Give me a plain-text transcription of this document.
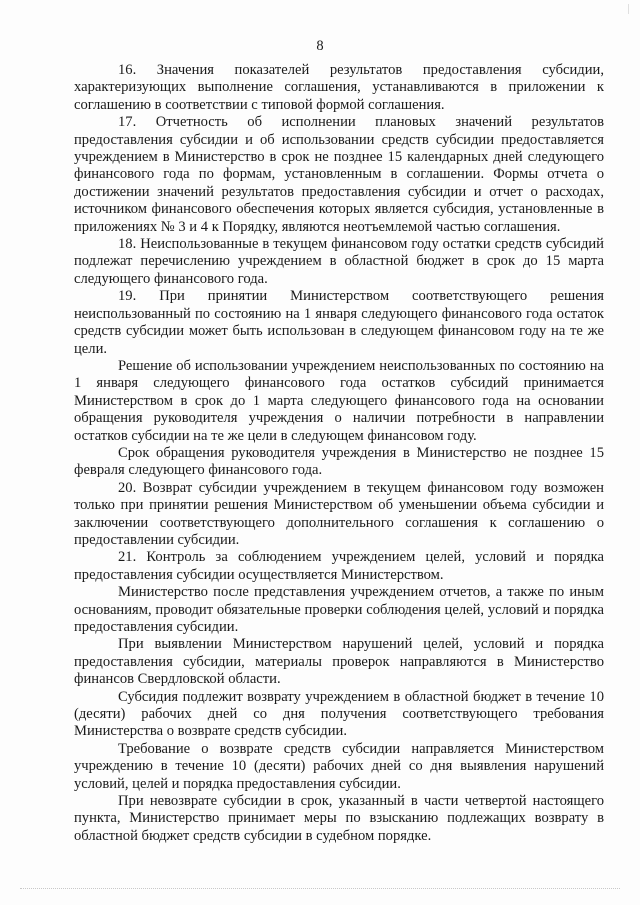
8

16. Значения показателей результатов предоставления субсидии, характеризующих выполнение соглашения, устанавливаются в приложении к соглашению в соответствии с типовой формой соглашения.

17. Отчетность об исполнении плановых значений результатов предоставления субсидии и об использовании средств субсидии предоставляется учреждением в Министерство в срок не позднее 15 календарных дней следующего финансового года по формам, установленным в соглашении. Формы отчета о достижении значений результатов предоставления субсидии и отчет о расходах, источником финансового обеспечения которых является субсидия, установленные в приложениях № 3 и 4 к Порядку, являются неотъемлемой частью соглашения.

18. Неиспользованные в текущем финансовом году остатки средств субсидий подлежат перечислению учреждением в областной бюджет в срок до 15 марта следующего финансового года.

19. При принятии Министерством соответствующего решения неиспользованный по состоянию на 1 января следующего финансового года остаток средств субсидии может быть использован в следующем финансовом году на те же цели.

Решение об использовании учреждением неиспользованных по состоянию на 1 января следующего финансового года остатков субсидий принимается Министерством в срок до 1 марта следующего финансового года на основании обращения руководителя учреждения о наличии потребности в направлении остатков субсидии на те же цели в следующем финансовом году.

Срок обращения руководителя учреждения в Министерство не позднее 15 февраля следующего финансового года.

20. Возврат субсидии учреждением в текущем финансовом году возможен только при принятии решения Министерством об уменьшении объема субсидии и заключении соответствующего дополнительного соглашения к соглашению о предоставлении субсидии.

21. Контроль за соблюдением учреждением целей, условий и порядка предоставления субсидии осуществляется Министерством.

Министерство после представления учреждением отчетов, а также по иным основаниям, проводит обязательные проверки соблюдения целей, условий и порядка предоставления субсидии.

При выявлении Министерством нарушений целей, условий и порядка предоставления субсидии, материалы проверок направляются в Министерство финансов Свердловской области.

Субсидия подлежит возврату учреждением в областной бюджет в течение 10 (десяти) рабочих дней со дня получения соответствующего требования Министерства о возврате средств субсидии.

Требование о возврате средств субсидии направляется Министерством учреждению в течение 10 (десяти) рабочих дней со дня выявления нарушений условий, целей и порядка предоставления субсидии.

При невозврате субсидии в срок, указанный в части четвертой настоящего пункта, Министерство принимает меры по взысканию подлежащих возврату в областной бюджет средств субсидии в судебном порядке.
